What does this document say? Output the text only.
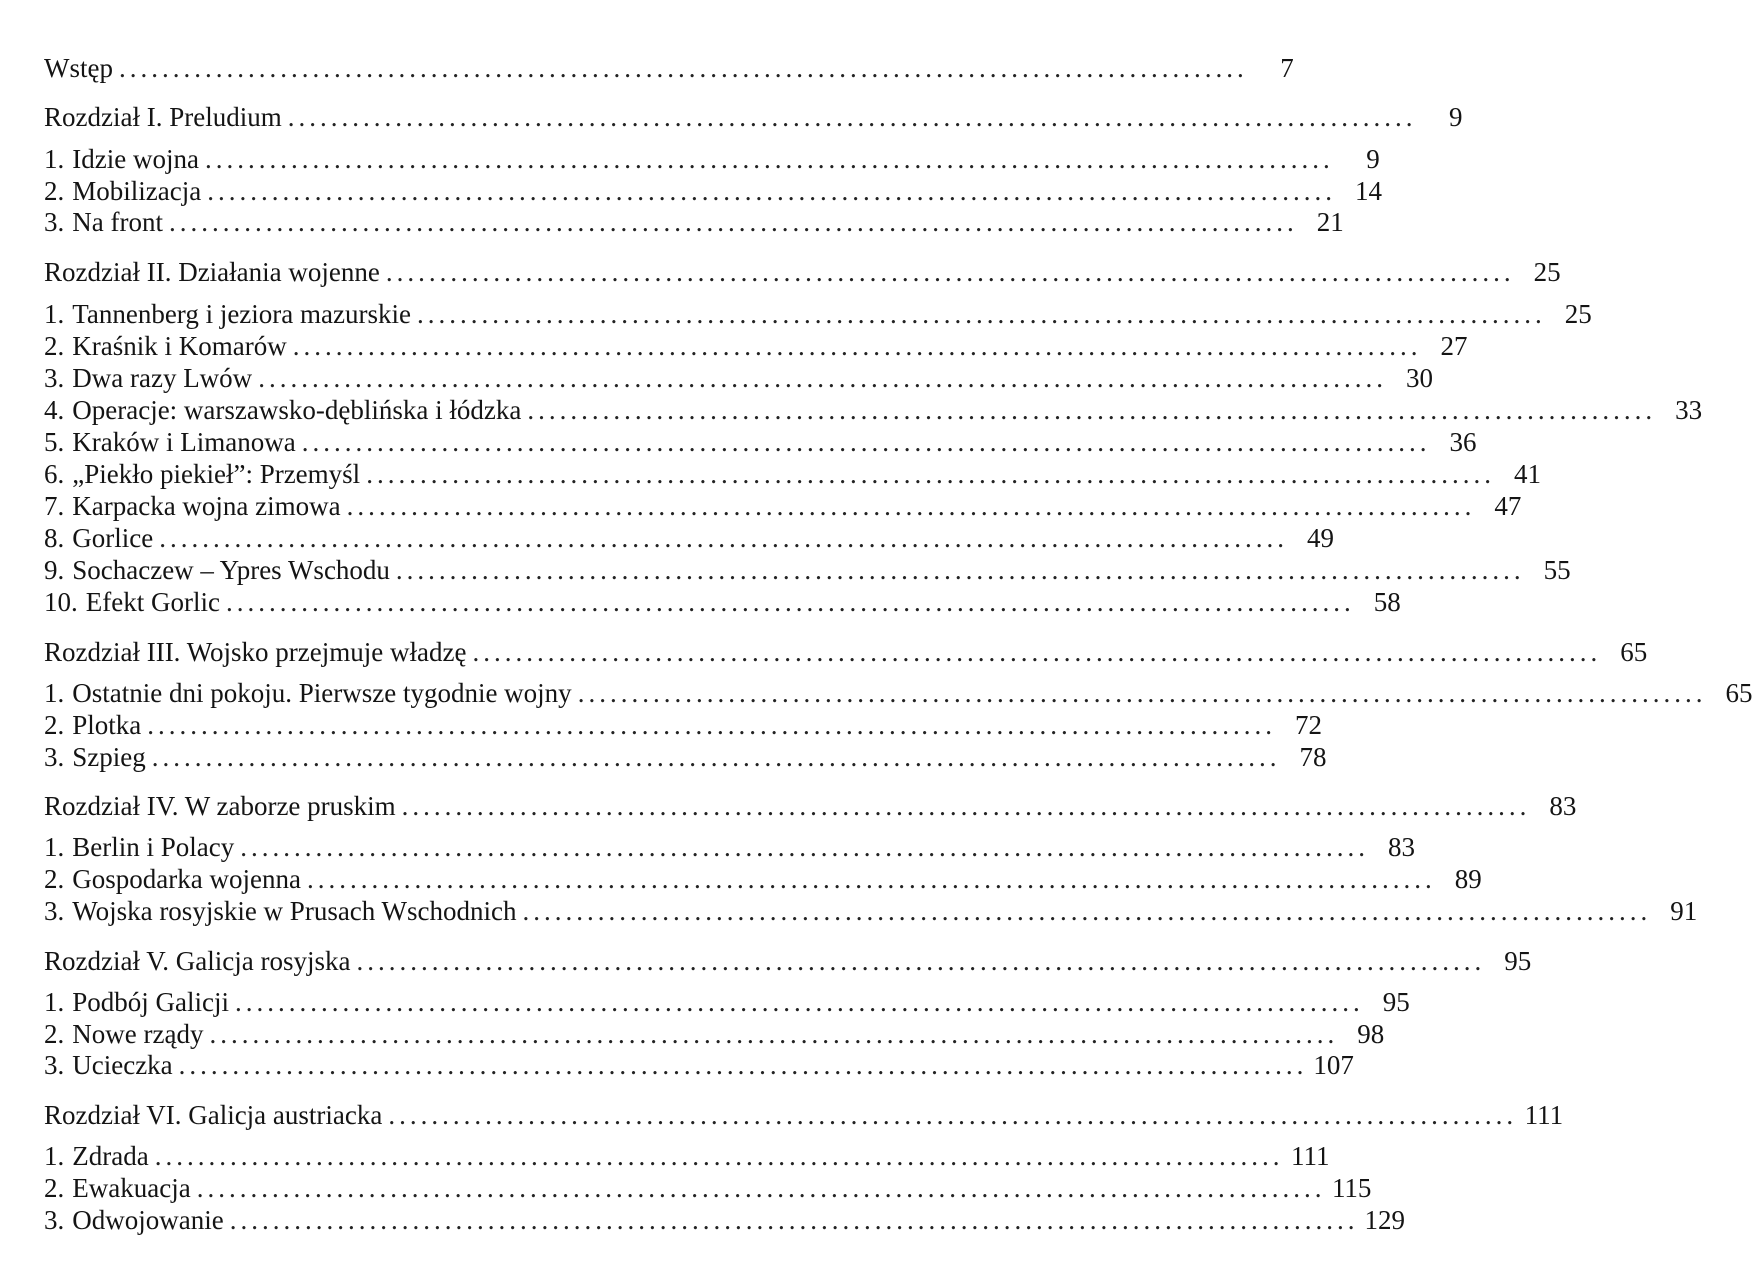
Wstęp .........................................................................................................	7
Rozdział I. Preludium .........................................................................................................	9
1. Idzie wojna .........................................................................................................	9
2. Mobilizacja ......................................................................................................... 14
3. Na front ......................................................................................................... 21
Rozdział II. Działania wojenne ......................................................................................................... 25
1. Tannenberg i jeziora mazurskie ......................................................................................................... 25
2. Kraśnik i Komarów ......................................................................................................... 27
3. Dwa razy Lwów ......................................................................................................... 30
4. Operacje: warszawsko-dęblińska i łódzka ......................................................................................................... 33
5. Kraków i Limanowa ......................................................................................................... 36
6. „Piekło piekieł”: Przemyśl ......................................................................................................... 41
7. Karpacka wojna zimowa ......................................................................................................... 47
8. Gorlice ......................................................................................................... 49
9. Sochaczew – Ypres Wschodu ......................................................................................................... 55
10. Efekt Gorlic ......................................................................................................... 58
Rozdział III. Wojsko przejmuje władzę ......................................................................................................... 65
1. Ostatnie dni pokoju. Pierwsze tygodnie wojny ......................................................................................................... 65
2. Plotka ......................................................................................................... 72
3. Szpieg ......................................................................................................... 78
Rozdział IV. W zaborze pruskim ......................................................................................................... 83
1. Berlin i Polacy ......................................................................................................... 83
2. Gospodarka wojenna ......................................................................................................... 89
3. Wojska rosyjskie w Prusach Wschodnich ......................................................................................................... 91
Rozdział V. Galicja rosyjska ......................................................................................................... 95
1. Podbój Galicji ......................................................................................................... 95
2. Nowe rządy ......................................................................................................... 98
3. Ucieczka ......................................................................................................... 107
Rozdział VI. Galicja austriacka ......................................................................................................... 111
1. Zdrada ......................................................................................................... 111
2. Ewakuacja ......................................................................................................... 115
3. Odwojowanie ......................................................................................................... 129
